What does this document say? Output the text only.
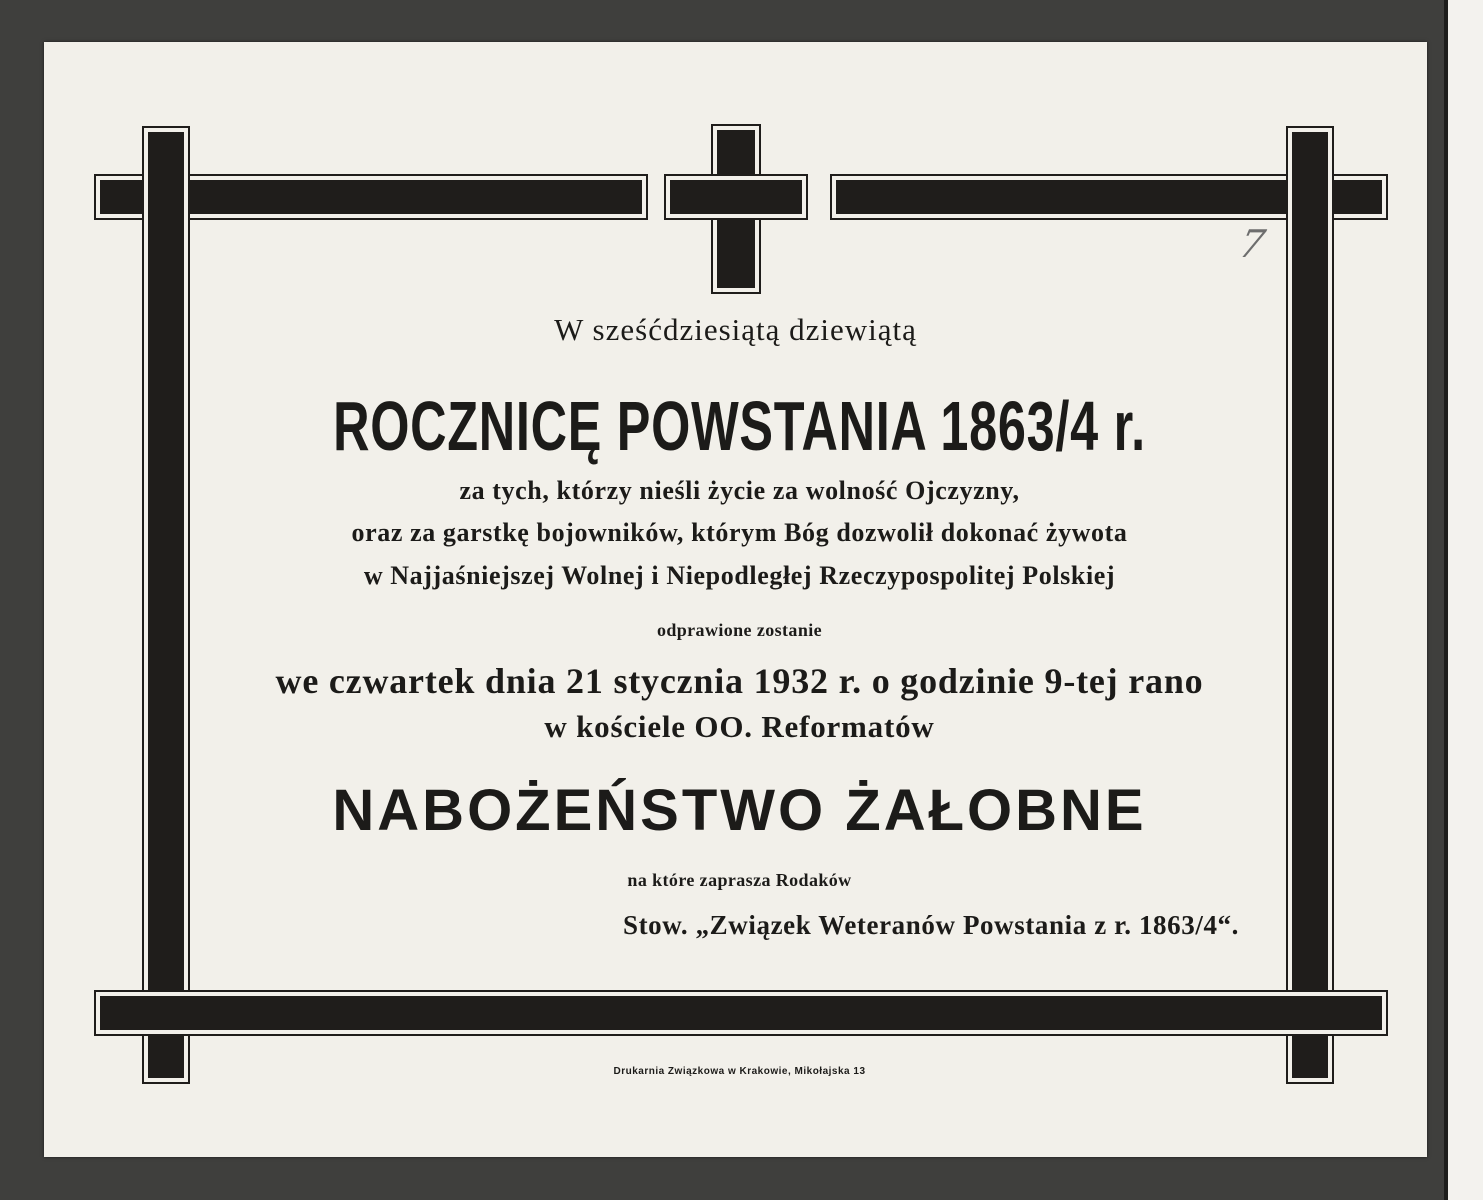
7
W sześćdziesiątą dziewiątą
ROCZNICĘ POWSTANIA 1863/4 r.
za tych, którzy nieśli życie za wolność Ojczyzny,
oraz za garstkę bojowników, którym Bóg dozwolił dokonać żywota
w Najjaśniejszej Wolnej i Niepodległej Rzeczypospolitej Polskiej
odprawione zostanie
we czwartek dnia 21 stycznia 1932 r. o godzinie 9-tej rano
w kościele OO. Reformatów
NABOŻEŃSTWO ŻAŁOBNE
na które zaprasza Rodaków
Stow. „Związek Weteranów Powstania z r. 1863/4“.
Drukarnia Związkowa w Krakowie, Mikołajska 13
